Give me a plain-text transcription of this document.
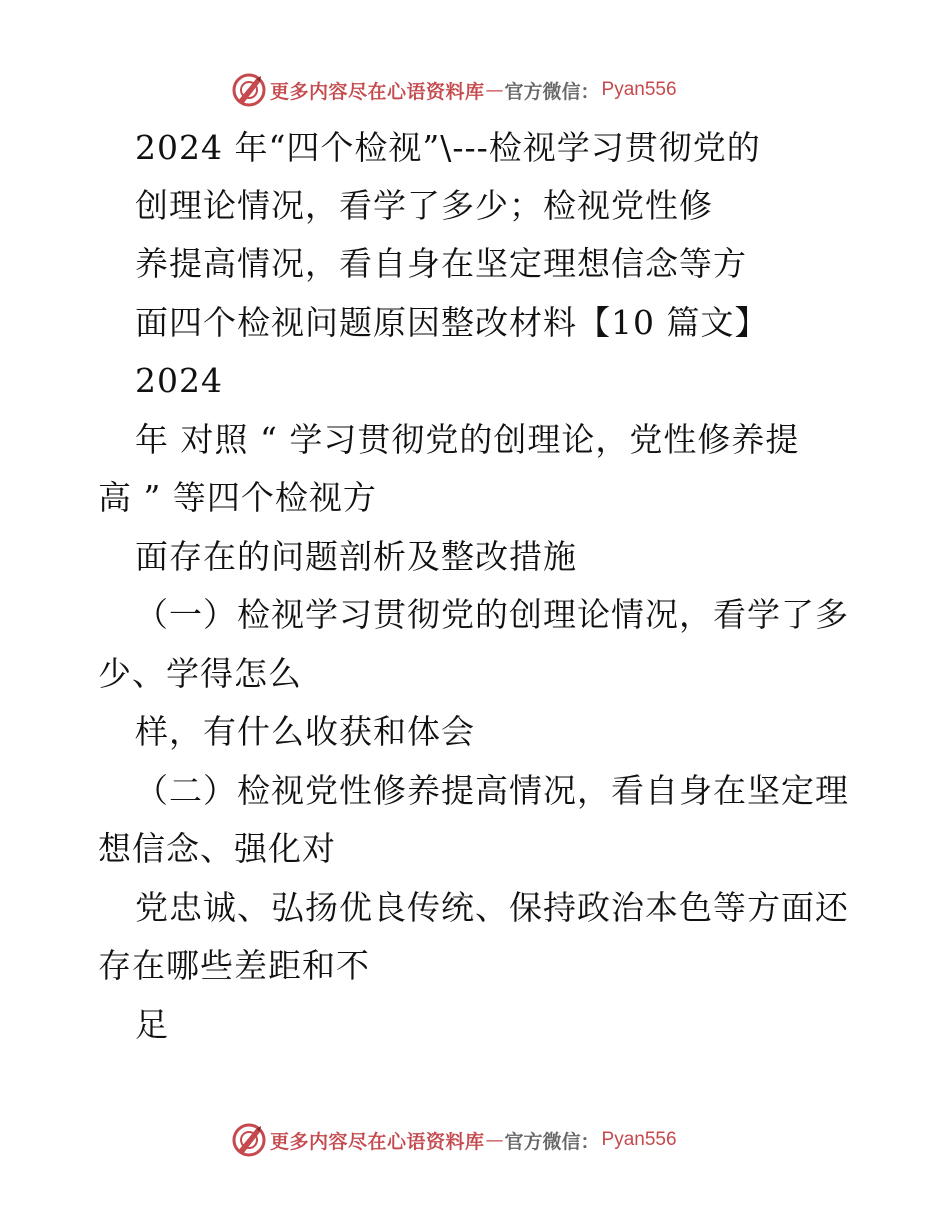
更多内容尽在心语资料库 — 官方微信： Pyan556
2024 年“四个检视”\---检视学习贯彻党的
创理论情况，看学了多少；检视党性修
养提高情况，看自身在坚定理想信念等方
面四个检视问题原因整改材料【10 篇文】
2024
年 对照 “ 学习贯彻党的创理论，党性修养提
高 ” 等四个检视方
面存在的问题剖析及整改措施
（一）检视学习贯彻党的创理论情况，看学了多
少、学得怎么
样，有什么收获和体会
（二）检视党性修养提高情况，看自身在坚定理
想信念、强化对
党忠诚、弘扬优良传统、保持政治本色等方面还
存在哪些差距和不
足
更多内容尽在心语资料库 — 官方微信： Pyan556
